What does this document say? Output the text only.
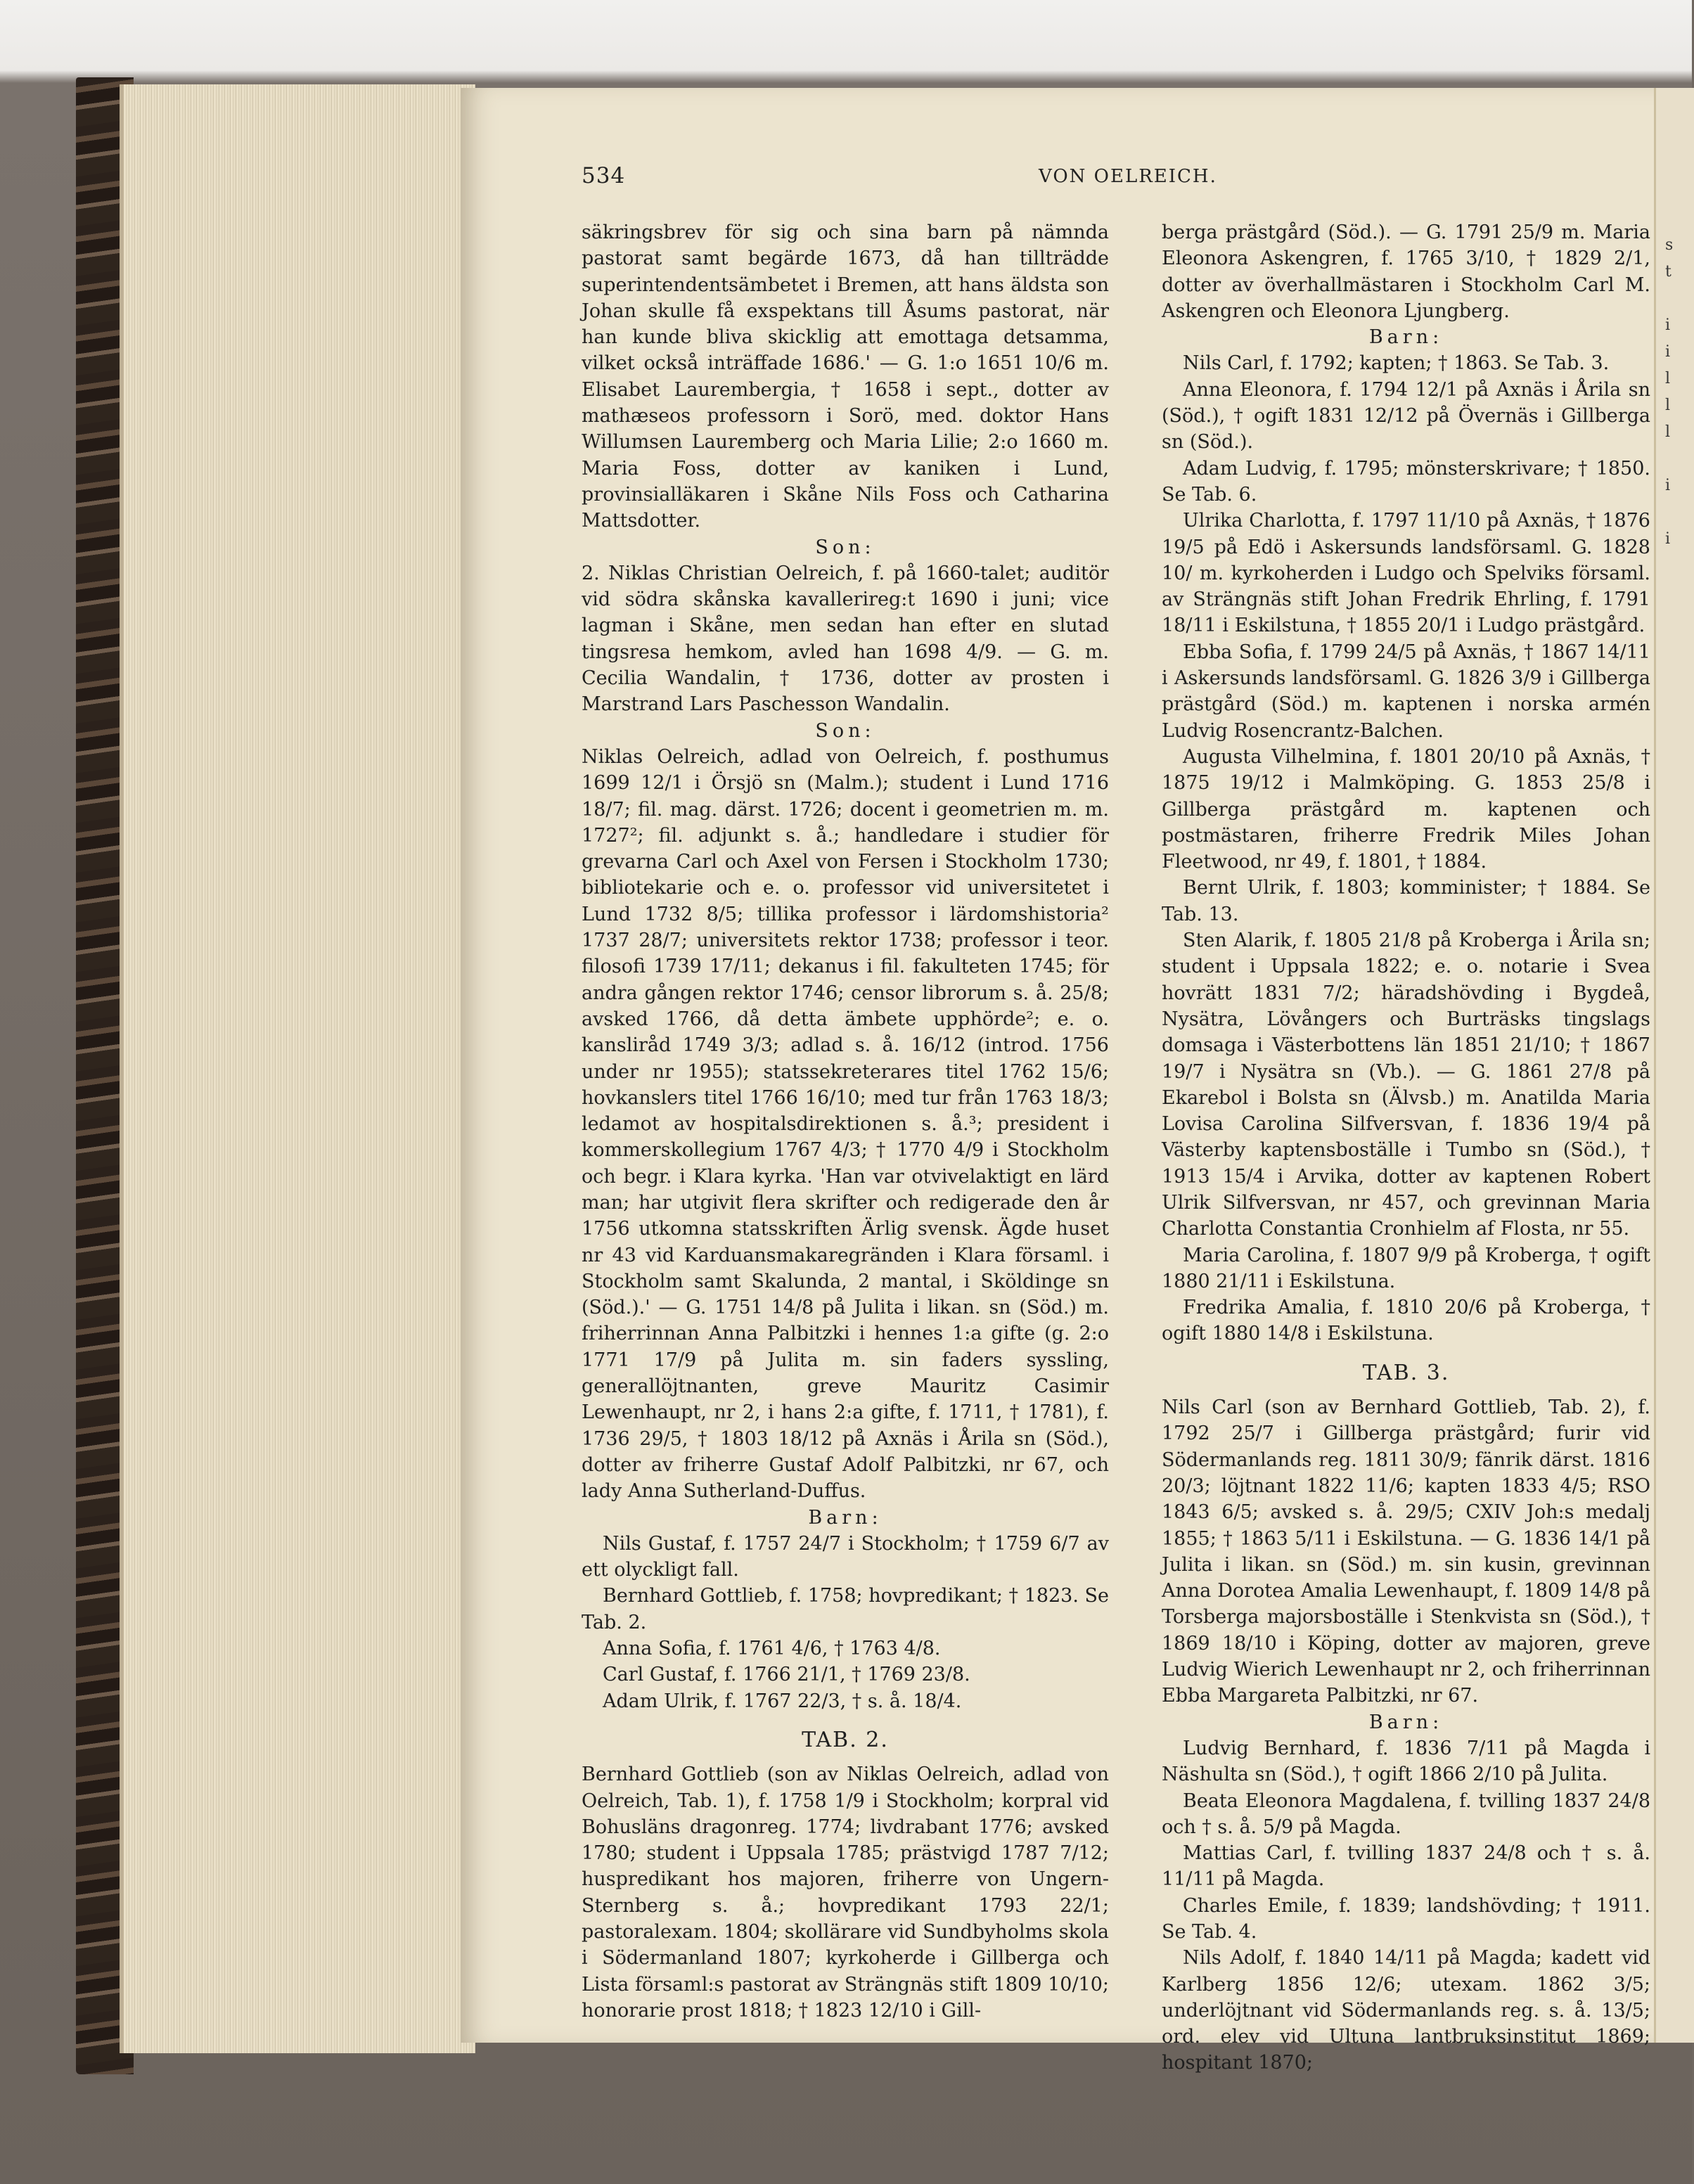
s
t

i
i
l
l
l

i

i
534	VON OELREICH.

säkringsbrev för sig och sina barn på nämnda pastorat samt begärde 1673, då han tillträdde superintendentsämbetet i Bremen, att hans äldsta son Johan skulle få exspektans till Åsums pastorat, när han kunde bliva skicklig att emottaga detsamma, vilket också inträffade 1686.' — G. 1:o 1651 10/6 m. Elisabet Laurembergia, † 1658 i sept., dotter av mathæseos professorn i Sorö, med. doktor Hans Willumsen Lauremberg och Maria Lilie; 2:o 1660 m. Maria Foss, dotter av kaniken i Lund, provinsialläkaren i Skåne Nils Foss och Catharina Mattsdotter.

Son:

2. Niklas Christian Oelreich, f. på 1660-talet; auditör vid södra skånska kavallerireg:t 1690 i juni; vice lagman i Skåne, men sedan han efter en slutad tingsresa hemkom, avled han 1698 4/9. — G. m. Cecilia Wandalin, † 1736, dotter av prosten i Marstrand Lars Paschesson Wandalin.

Son:

Niklas Oelreich, adlad von Oelreich, f. posthumus 1699 12/1 i Örsjö sn (Malm.); student i Lund 1716 18/7; fil. mag. därst. 1726; docent i geometrien m. m. 1727²; fil. adjunkt s. å.; handledare i studier för grevarna Carl och Axel von Fersen i Stockholm 1730; bibliotekarie och e. o. professor vid universitetet i Lund 1732 8/5; tillika professor i lärdomshistoria² 1737 28/7; universitets rektor 1738; professor i teor. filosofi 1739 17/11; dekanus i fil. fakulteten 1745; för andra gången rektor 1746; censor librorum s. å. 25/8; avsked 1766, då detta ämbete upphörde²; e. o. kansliråd 1749 3/3; adlad s. å. 16/12 (introd. 1756 under nr 1955); statssekreterares titel 1762 15/6; hovkanslers titel 1766 16/10; med tur från 1763 18/3; ledamot av hospitalsdirektionen s. å.³; president i kommerskollegium 1767 4/3; † 1770 4/9 i Stockholm och begr. i Klara kyrka. 'Han var otvivelaktigt en lärd man; har utgivit flera skrifter och redigerade den år 1756 utkomna statsskriften Ärlig svensk. Ägde huset nr 43 vid Karduansmakaregränden i Klara församl. i Stockholm samt Skalunda, 2 mantal, i Sköldinge sn (Söd.).' — G. 1751 14/8 på Julita i likan. sn (Söd.) m. friherrinnan Anna Palbitzki i hennes 1:a gifte (g. 2:o 1771 17/9 på Julita m. sin faders syssling, generallöjtnanten, greve Mauritz Casimir Lewenhaupt, nr 2, i hans 2:a gifte, f. 1711, † 1781), f. 1736 29/5, † 1803 18/12 på Axnäs i Årila sn (Söd.), dotter av friherre Gustaf Adolf Palbitzki, nr 67, och lady Anna Sutherland-Duffus.

Barn:

Nils Gustaf, f. 1757 24/7 i Stockholm; † 1759 6/7 av ett olyckligt fall.

Bernhard Gottlieb, f. 1758; hovpredikant; † 1823. Se Tab. 2.

Anna Sofia, f. 1761 4/6, † 1763 4/8.

Carl Gustaf, f. 1766 21/1, † 1769 23/8.

Adam Ulrik, f. 1767 22/3, † s. å. 18/4.

TAB. 2.

Bernhard Gottlieb (son av Niklas Oelreich, adlad von Oelreich, Tab. 1), f. 1758 1/9 i Stockholm; korpral vid Bohusläns dragonreg. 1774; livdrabant 1776; avsked 1780; student i Uppsala 1785; prästvigd 1787 7/12; huspredikant hos majoren, friherre von Ungern-Sternberg s. å.; hovpredikant 1793 22/1; pastoralexam. 1804; skollärare vid Sundbyholms skola i Södermanland 1807; kyrkoherde i Gillberga och Lista församl:s pastorat av Strängnäs stift 1809 10/10; honorarie prost 1818; † 1823 12/10 i Gill-

berga prästgård (Söd.). — G. 1791 25/9 m. Maria Eleonora Askengren, f. 1765 3/10, † 1829 2/1, dotter av överhallmästaren i Stockholm Carl M. Askengren och Eleonora Ljungberg.

Barn:

Nils Carl, f. 1792; kapten; † 1863. Se Tab. 3.

Anna Eleonora, f. 1794 12/1 på Axnäs i Årila sn (Söd.), † ogift 1831 12/12 på Övernäs i Gillberga sn (Söd.).

Adam Ludvig, f. 1795; mönsterskrivare; † 1850. Se Tab. 6.

Ulrika Charlotta, f. 1797 11/10 på Axnäs, † 1876 19/5 på Edö i Askersunds landsförsaml. G. 1828 10/ m. kyrkoherden i Ludgo och Spelviks församl. av Strängnäs stift Johan Fredrik Ehrling, f. 1791 18/11 i Eskilstuna, † 1855 20/1 i Ludgo prästgård.

Ebba Sofia, f. 1799 24/5 på Axnäs, † 1867 14/11 i Askersunds landsförsaml. G. 1826 3/9 i Gillberga prästgård (Söd.) m. kaptenen i norska armén Ludvig Rosencrantz-Balchen.

Augusta Vilhelmina, f. 1801 20/10 på Axnäs, † 1875 19/12 i Malmköping. G. 1853 25/8 i Gillberga prästgård m. kaptenen och postmästaren, friherre Fredrik Miles Johan Fleetwood, nr 49, f. 1801, † 1884.

Bernt Ulrik, f. 1803; komminister; † 1884. Se Tab. 13.

Sten Alarik, f. 1805 21/8 på Kroberga i Årila sn; student i Uppsala 1822; e. o. notarie i Svea hovrätt 1831 7/2; häradshövding i Bygdeå, Nysätra, Lövångers och Burträsks tingslags domsaga i Västerbottens län 1851 21/10; † 1867 19/7 i Nysätra sn (Vb.). — G. 1861 27/8 på Ekarebol i Bolsta sn (Älvsb.) m. Anatilda Maria Lovisa Carolina Silfversvan, f. 1836 19/4 på Västerby kaptensboställe i Tumbo sn (Söd.), † 1913 15/4 i Arvika, dotter av kaptenen Robert Ulrik Silfversvan, nr 457, och grevinnan Maria Charlotta Constantia Cronhielm af Flosta, nr 55.

Maria Carolina, f. 1807 9/9 på Kroberga, † ogift 1880 21/11 i Eskilstuna.

Fredrika Amalia, f. 1810 20/6 på Kroberga, † ogift 1880 14/8 i Eskilstuna.

TAB. 3.

Nils Carl (son av Bernhard Gottlieb, Tab. 2), f. 1792 25/7 i Gillberga prästgård; furir vid Södermanlands reg. 1811 30/9; fänrik därst. 1816 20/3; löjtnant 1822 11/6; kapten 1833 4/5; RSO 1843 6/5; avsked s. å. 29/5; CXIV Joh:s medalj 1855; † 1863 5/11 i Eskilstuna. — G. 1836 14/1 på Julita i likan. sn (Söd.) m. sin kusin, grevinnan Anna Dorotea Amalia Lewenhaupt, f. 1809 14/8 på Torsberga majorsboställe i Stenkvista sn (Söd.), † 1869 18/10 i Köping, dotter av majoren, greve Ludvig Wierich Lewenhaupt nr 2, och friherrinnan Ebba Margareta Palbitzki, nr 67.

Barn:

Ludvig Bernhard, f. 1836 7/11 på Magda i Näshulta sn (Söd.), † ogift 1866 2/10 på Julita.

Beata Eleonora Magdalena, f. tvilling 1837 24/8 och † s. å. 5/9 på Magda.

Mattias Carl, f. tvilling 1837 24/8 och † s. å. 11/11 på Magda.

Charles Emile, f. 1839; landshövding; † 1911. Se Tab. 4.

Nils Adolf, f. 1840 14/11 på Magda; kadett vid Karlberg 1856 12/6; utexam. 1862 3/5; underlöjtnant vid Södermanlands reg. s. å. 13/5; ord. elev vid Ultuna lantbruksinstitut 1869; hospitant 1870;
